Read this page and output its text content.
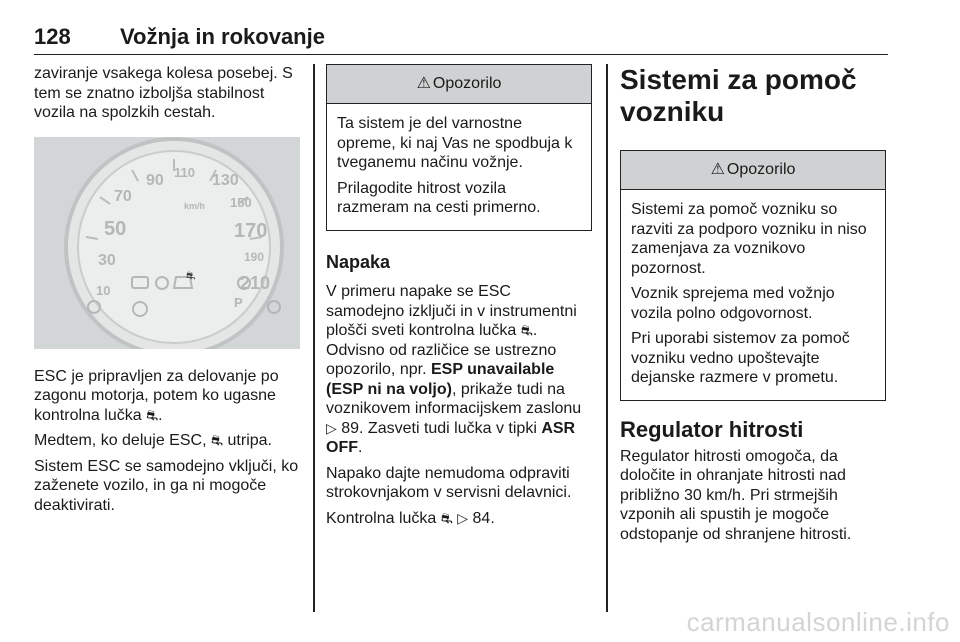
128 Vožnja in rokovanje

zaviranje vsakega kolesa posebej. S tem se znatno izboljša stabilnost vozila na spolzkih cestah.

90 110 130
70
50
150
30
170
10
190
210
km/h
⛐
P

ESC je pripravljen za delovanje po zagonu motorja, potem ko ugasne kontrolna lučka ⛐.

Medtem, ko deluje ESC, ⛐ utripa.

Sistem ESC se samodejno vključi, ko zaženete vozilo, in ga ni mogoče deaktivirati.

⚠ Opozorilo

Ta sistem je del varnostne opreme, ki naj Vas ne spodbuja k tveganemu načinu vožnje.

Prilagodite hitrost vozila razmeram na cesti primerno.

Napaka

V primeru napake se ESC samodejno izključi in v instrumentni plošči sveti kontrolna lučka ⛐. Odvisno od različice se ustrezno opozorilo, npr. ESP unavailable (ESP ni na voljo), prikaže tudi na voznikovem informacijskem zaslonu ▷ 89. Zasveti tudi lučka v tipki ASR OFF.

Napako dajte nemudoma odpraviti strokovnjakom v servisni delavnici.

Kontrolna lučka ⛐ ▷ 84.

Sistemi za pomoč vozniku
⚠ Opozorilo

Sistemi za pomoč vozniku so razviti za podporo vozniku in niso zamenjava za voznikovo pozornost.

Voznik sprejema med vožnjo vozila polno odgovornost.

Pri uporabi sistemov za pomoč vozniku vedno upoštevajte dejanske razmere v prometu.

Regulator hitrosti

Regulator hitrosti omogoča, da določite in ohranjate hitrosti nad približno 30 km/h. Pri strmejših vzponih ali spustih je mogoče odstopanje od shranjene hitrosti.

carmanualsonline.info
